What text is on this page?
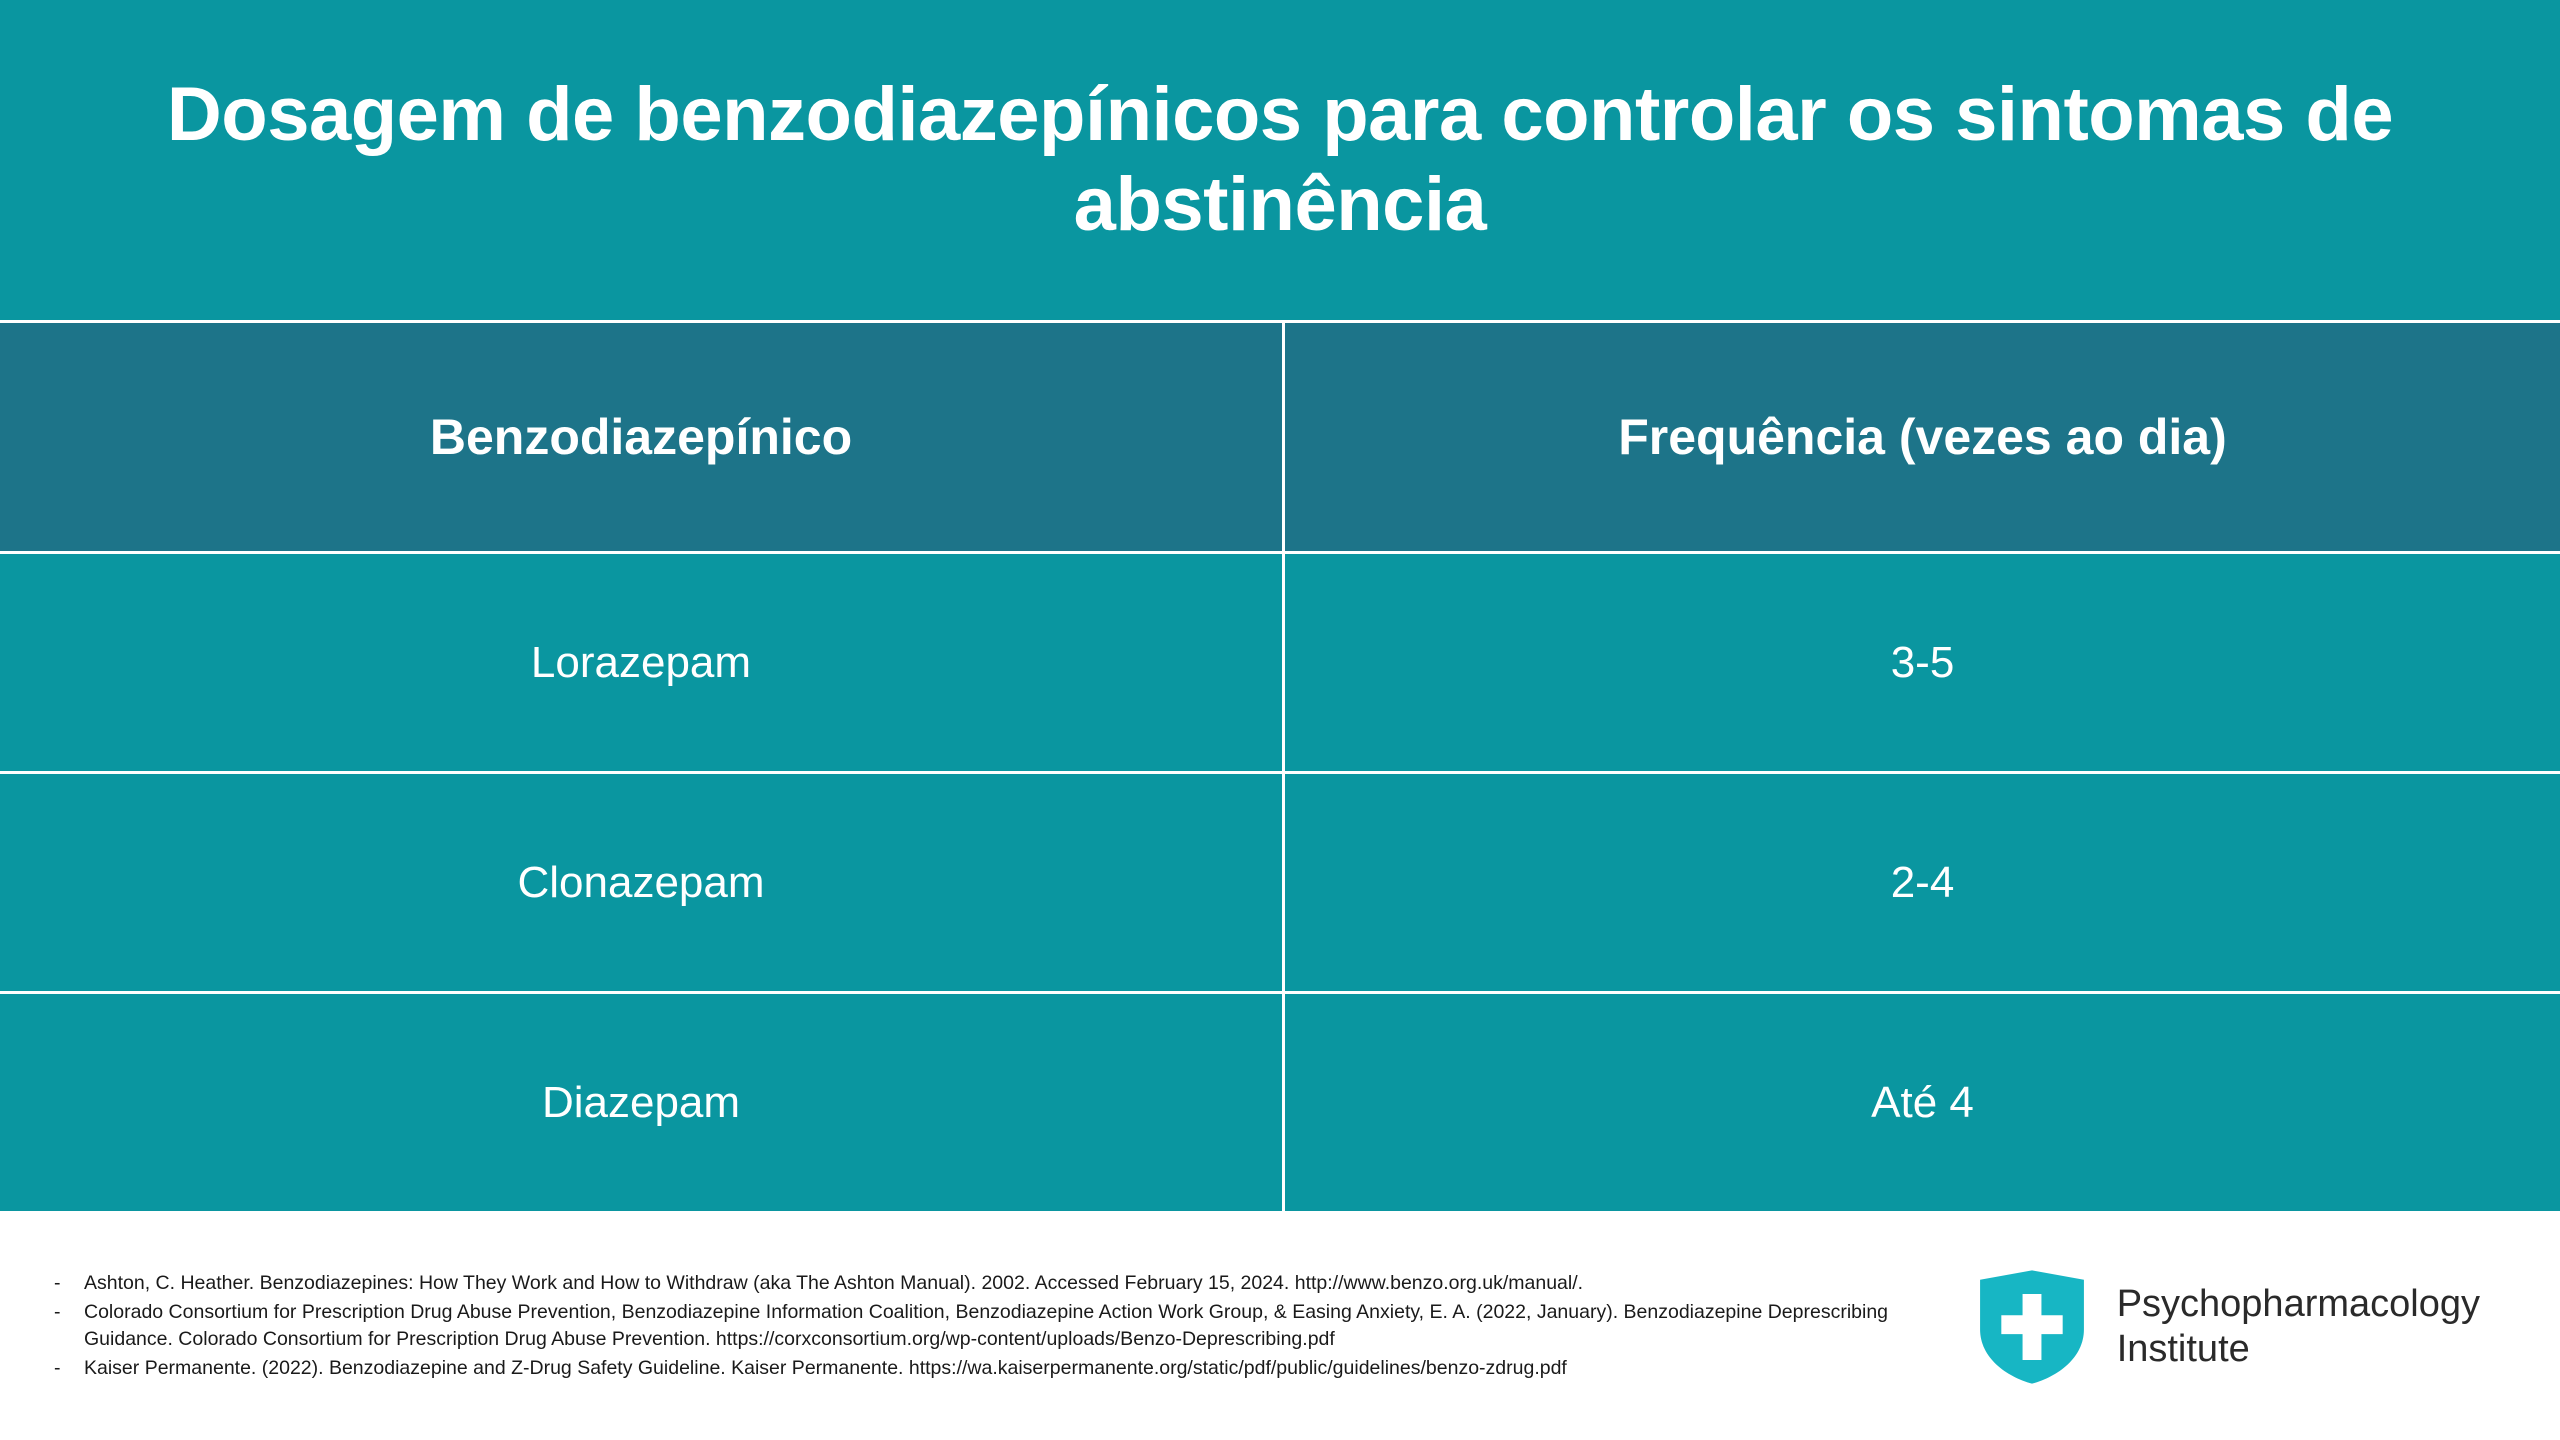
Dosagem de benzodiazepínicos para controlar os sintomas de abstinência
Benzodiazepínico	Frequência (vezes ao dia)
Lorazepam	3-5
Clonazepam	2-4
Diazepam	Até 4
-	Ashton, C. Heather. Benzodiazepines: How They Work and How to Withdraw (aka The Ashton Manual). 2002. Accessed February 15, 2024. http://www.benzo.org.uk/manual/.
-	Colorado Consortium for Prescription Drug Abuse Prevention, Benzodiazepine Information Coalition, Benzodiazepine Action Work Group, & Easing Anxiety, E. A. (2022, January). Benzodiazepine Deprescribing Guidance. Colorado Consortium for Prescription Drug Abuse Prevention. https://corxconsortium.org/wp-content/uploads/Benzo-Deprescribing.pdf
-	Kaiser Permanente. (2022). Benzodiazepine and Z-Drug Safety Guideline. Kaiser Permanente. https://wa.kaiserpermanente.org/static/pdf/public/guidelines/benzo-zdrug.pdf
Psychopharmacology
Institute
